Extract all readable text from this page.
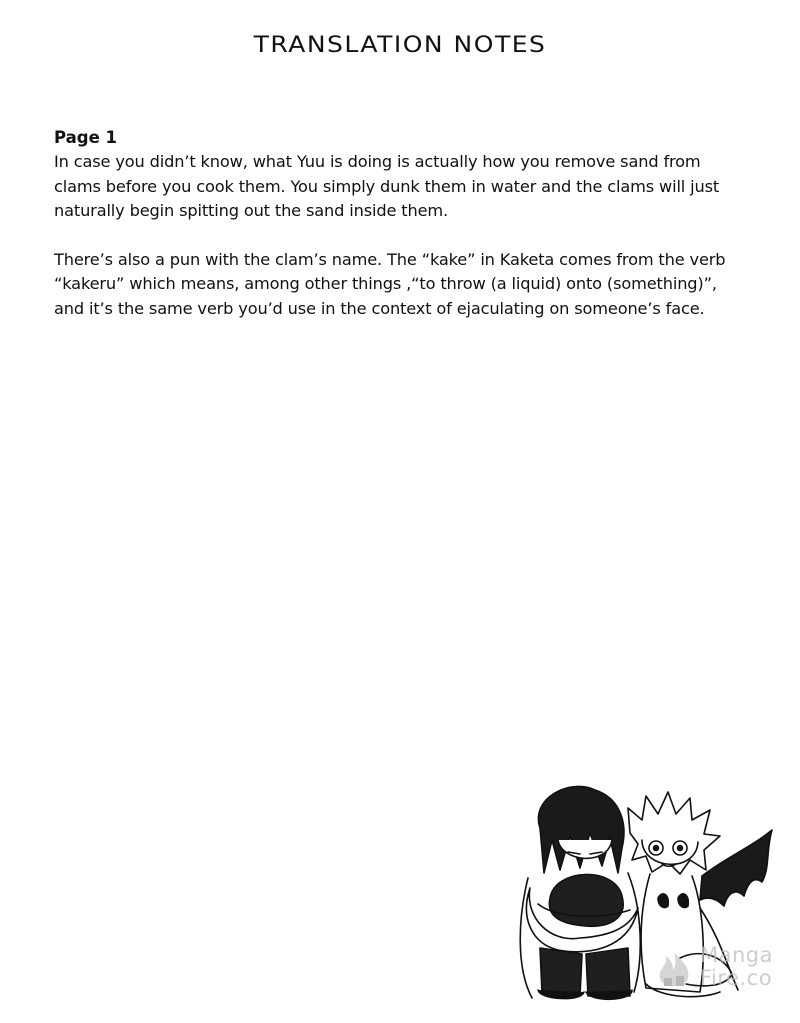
TRANSLATION NOTES
Page 1

In case you didn’t know, what Yuu is doing is actually how you remove sand from
clams before you cook them. You simply dunk them in water and the clams will just
naturally begin spitting out the sand inside them.

There’s also a pun with the clam’s name. The “kake” in Kaketa comes from the verb
“kakeru” which means, among other things ,“to throw (a liquid) onto (something)”,
and it’s the same verb you’d use in the context of ejaculating on someone’s face.

Manga
Fire.co
